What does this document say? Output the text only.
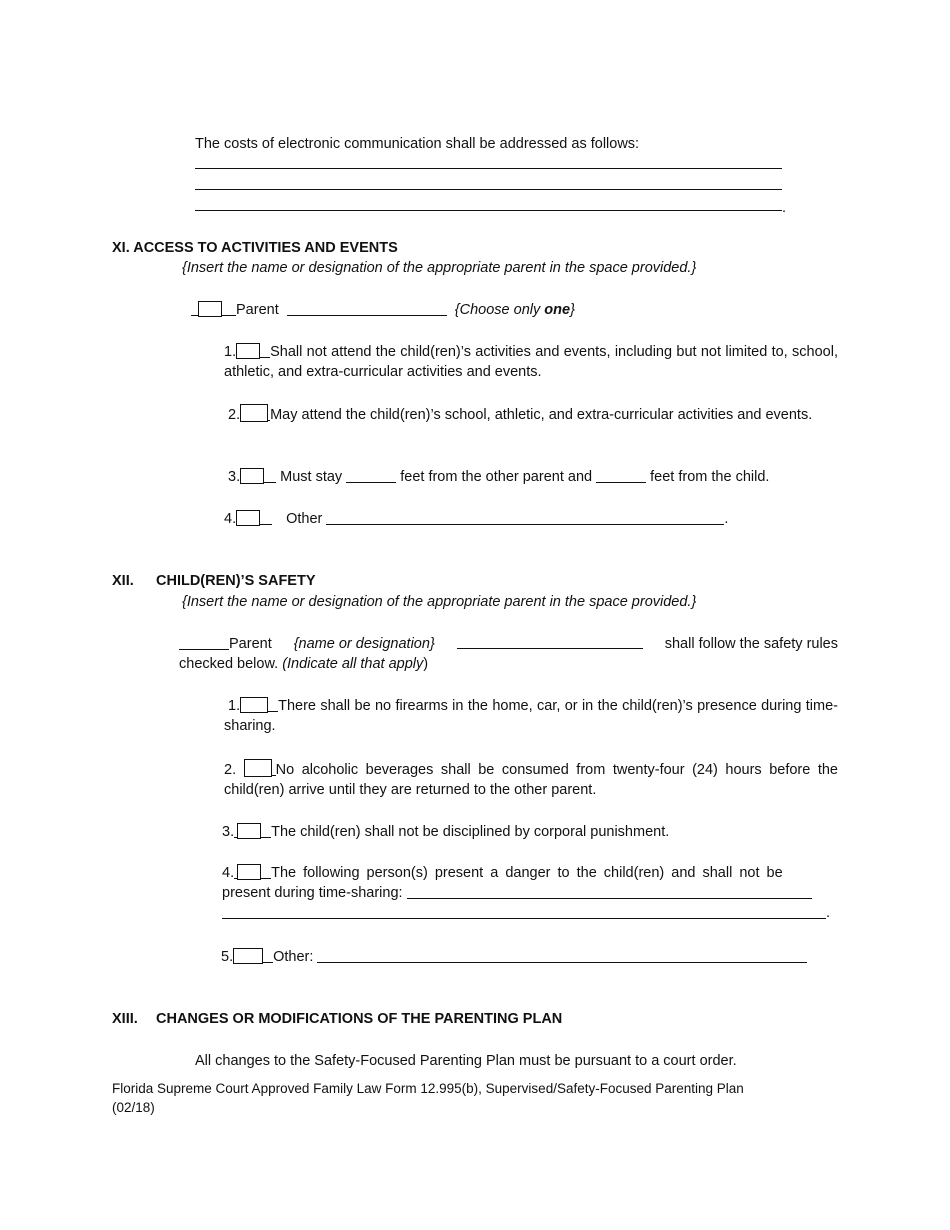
The costs of electronic communication shall be addressed as follows:
.
XI. ACCESS TO ACTIVITIES AND EVENTS
{Insert the name or designation of the appropriate parent in the space provided.}
Parent	{Choose only one}
1. Shall not attend the child(ren)’s activities and events, including but not limited to, school, athletic, and extra-curricular activities and events.
2. May attend the child(ren)’s school, athletic, and extra-curricular activities and events.
3.	Must stay	feet from the other parent and	feet from the child.
4.	Other	.
XII. CHILD(REN)’S SAFETY
{Insert the name or designation of the appropriate parent in the space provided.}
Parent {name or designation}	shall follow the safety rules
checked below. (Indicate all that apply)
1.	There shall be no firearms in the home, car, or in the child(ren)’s presence during time-sharing.
2.	No alcoholic beverages shall be consumed from twenty-four (24) hours before the child(ren) arrive until they are returned to the other parent.
3.	The child(ren) shall not be disciplined by corporal punishment.
4.	The following person(s) present a danger to the child(ren) and shall not be
present during time-sharing:
.
5.	Other:
XIII. CHANGES OR MODIFICATIONS OF THE PARENTING PLAN
All changes to the Safety-Focused Parenting Plan must be pursuant to a court order.
Florida Supreme Court Approved Family Law Form 12.995(b), Supervised/Safety-Focused Parenting Plan
(02/18)
